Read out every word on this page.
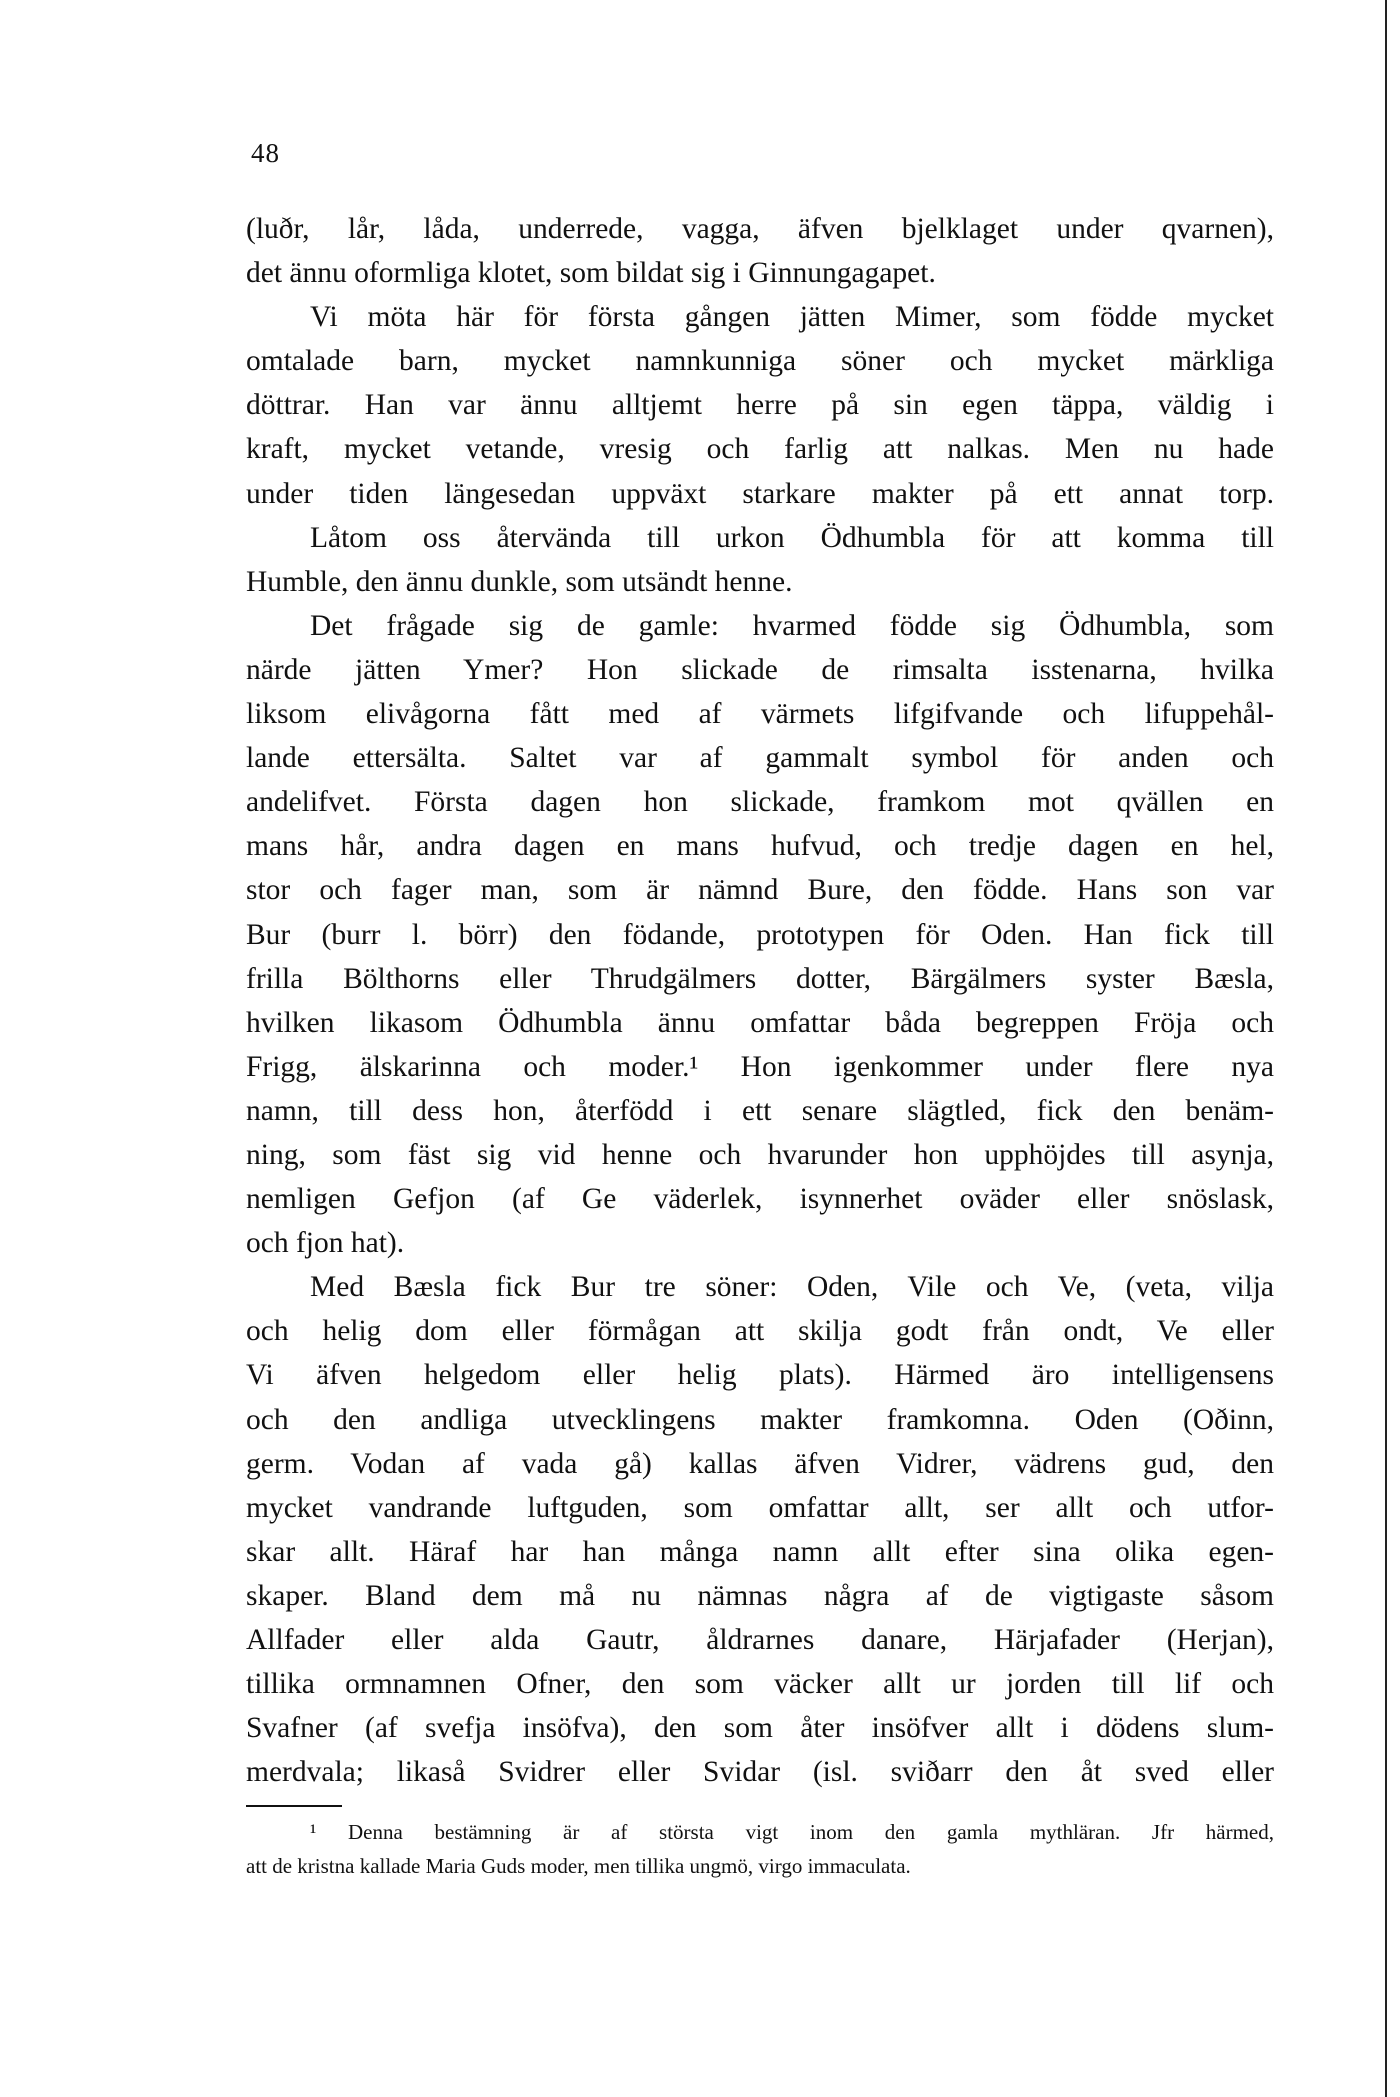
48
(luðr, lår, låda, underrede, vagga, äfven bjelklaget under qvarnen),
det ännu oformliga klotet, som bildat sig i Ginnungagapet.
Vi möta här för första gången jätten Mimer, som födde mycket
omtalade barn, mycket namnkunniga söner och mycket märkliga
döttrar. Han var ännu alltjemt herre på sin egen täppa, väldig i
kraft, mycket vetande, vresig och farlig att nalkas. Men nu hade
under tiden längesedan uppväxt starkare makter på ett annat torp.
Låtom oss återvända till urkon Ödhumbla för att komma till
Humble, den ännu dunkle, som utsändt henne.
Det frågade sig de gamle: hvarmed födde sig Ödhumbla, som
närde jätten Ymer? Hon slickade de rimsalta isstenarna, hvilka
liksom elivågorna fått med af värmets lifgifvande och lifuppehål-
lande ettersälta. Saltet var af gammalt symbol för anden och
andelifvet. Första dagen hon slickade, framkom mot qvällen en
mans hår, andra dagen en mans hufvud, och tredje dagen en hel,
stor och fager man, som är nämnd Bure, den födde. Hans son var
Bur (burr l. börr) den födande, prototypen för Oden. Han fick till
frilla Bölthorns eller Thrudgälmers dotter, Bärgälmers syster Bæsla,
hvilken likasom Ödhumbla ännu omfattar båda begreppen Fröja och
Frigg, älskarinna och moder.¹ Hon igenkommer under flere nya
namn, till dess hon, återfödd i ett senare slägtled, fick den benäm-
ning, som fäst sig vid henne och hvarunder hon upphöjdes till asynja,
nemligen Gefjon (af Ge väderlek, isynnerhet oväder eller snöslask,
och fjon hat).
Med Bæsla fick Bur tre söner: Oden, Vile och Ve, (veta, vilja
och helig dom eller förmågan att skilja godt från ondt, Ve eller
Vi äfven helgedom eller helig plats). Härmed äro intelligensens
och den andliga utvecklingens makter framkomna. Oden (Oðinn,
germ. Vodan af vada gå) kallas äfven Vidrer, vädrens gud, den
mycket vandrande luftguden, som omfattar allt, ser allt och utfor-
skar allt. Häraf har han många namn allt efter sina olika egen-
skaper. Bland dem må nu nämnas några af de vigtigaste såsom
Allfader eller alda Gautr, åldrarnes danare, Härjafader (Herjan),
tillika ormnamnen Ofner, den som väcker allt ur jorden till lif och
Svafner (af svefja insöfva), den som åter insöfver allt i dödens slum-
merdvala; likaså Svidrer eller Svidar (isl. sviðarr den åt sved eller
¹ Denna bestämning är af största vigt inom den gamla mythläran. Jfr härmed,
att de kristna kallade Maria Guds moder, men tillika ungmö, virgo immaculata.
